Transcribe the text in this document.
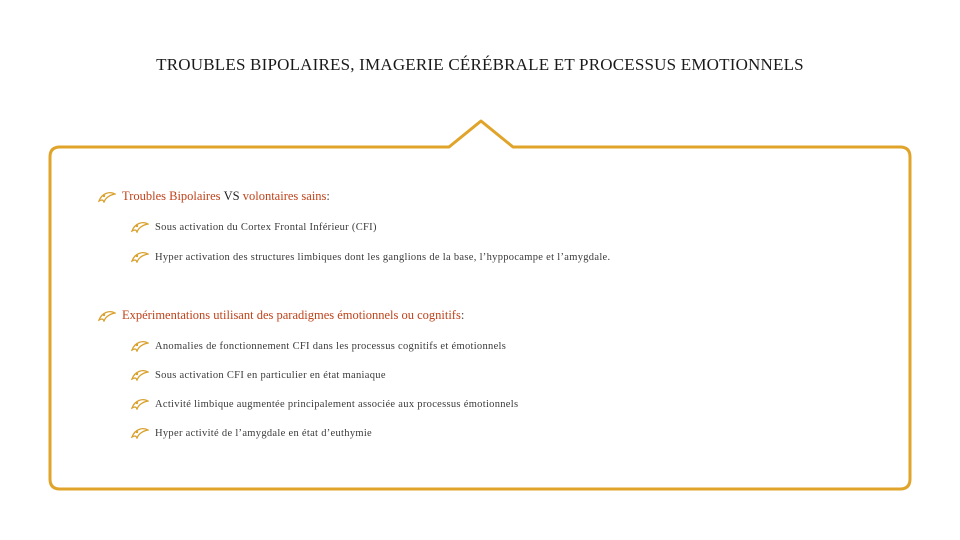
TROUBLES BIPOLAIRES, IMAGERIE CÉRÉBRALE ET PROCESSUS EMOTIONNELS
Troubles Bipolaires
VS
volontaires sains :
Sous activation du Cortex Frontal Inférieur (CFI)
Hyper activation des structures limbiques dont les ganglions de la base, l’hyppocampe et l’amygdale.
Expérimentations utilisant des paradigmes émotionnels ou cognitifs :
Anomalies de fonctionnement CFI dans les processus cognitifs et émotionnels
Sous activation CFI en particulier en état maniaque
Activité limbique augmentée principalement associée aux processus émotionnels
Hyper activité de l’amygdale en état d’euthymie
